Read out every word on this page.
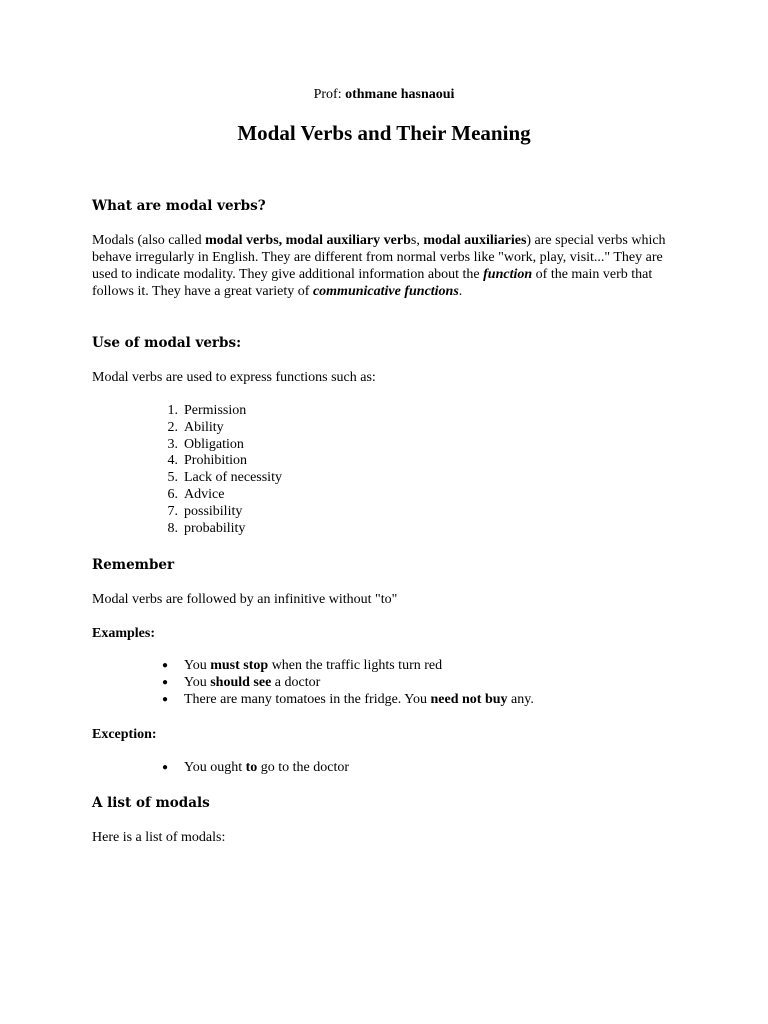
Prof: othmane hasnaoui
Modal Verbs and Their Meaning
What are modal verbs?

Modals (also called modal verbs, modal auxiliary verbs, modal auxiliaries) are special verbs which behave irregularly in English. They are different from normal verbs like "work, play, visit..." They are used to indicate modality. They give additional information about the function of the main verb that follows it. They have a great variety of communicative functions.

Use of modal verbs:

Modal verbs are used to express functions such as:

1. Permission
2. Ability
3. Obligation
4. Prohibition
5. Lack of necessity
6. Advice
7. possibility
8. probability
Remember

Modal verbs are followed by an infinitive without "to"

Examples:

● You must stop when the traffic lights turn red
● You should see a doctor
● There are many tomatoes in the fridge. You need not buy any.

Exception:

● You ought to go to the doctor
A list of modals

Here is a list of modals:
